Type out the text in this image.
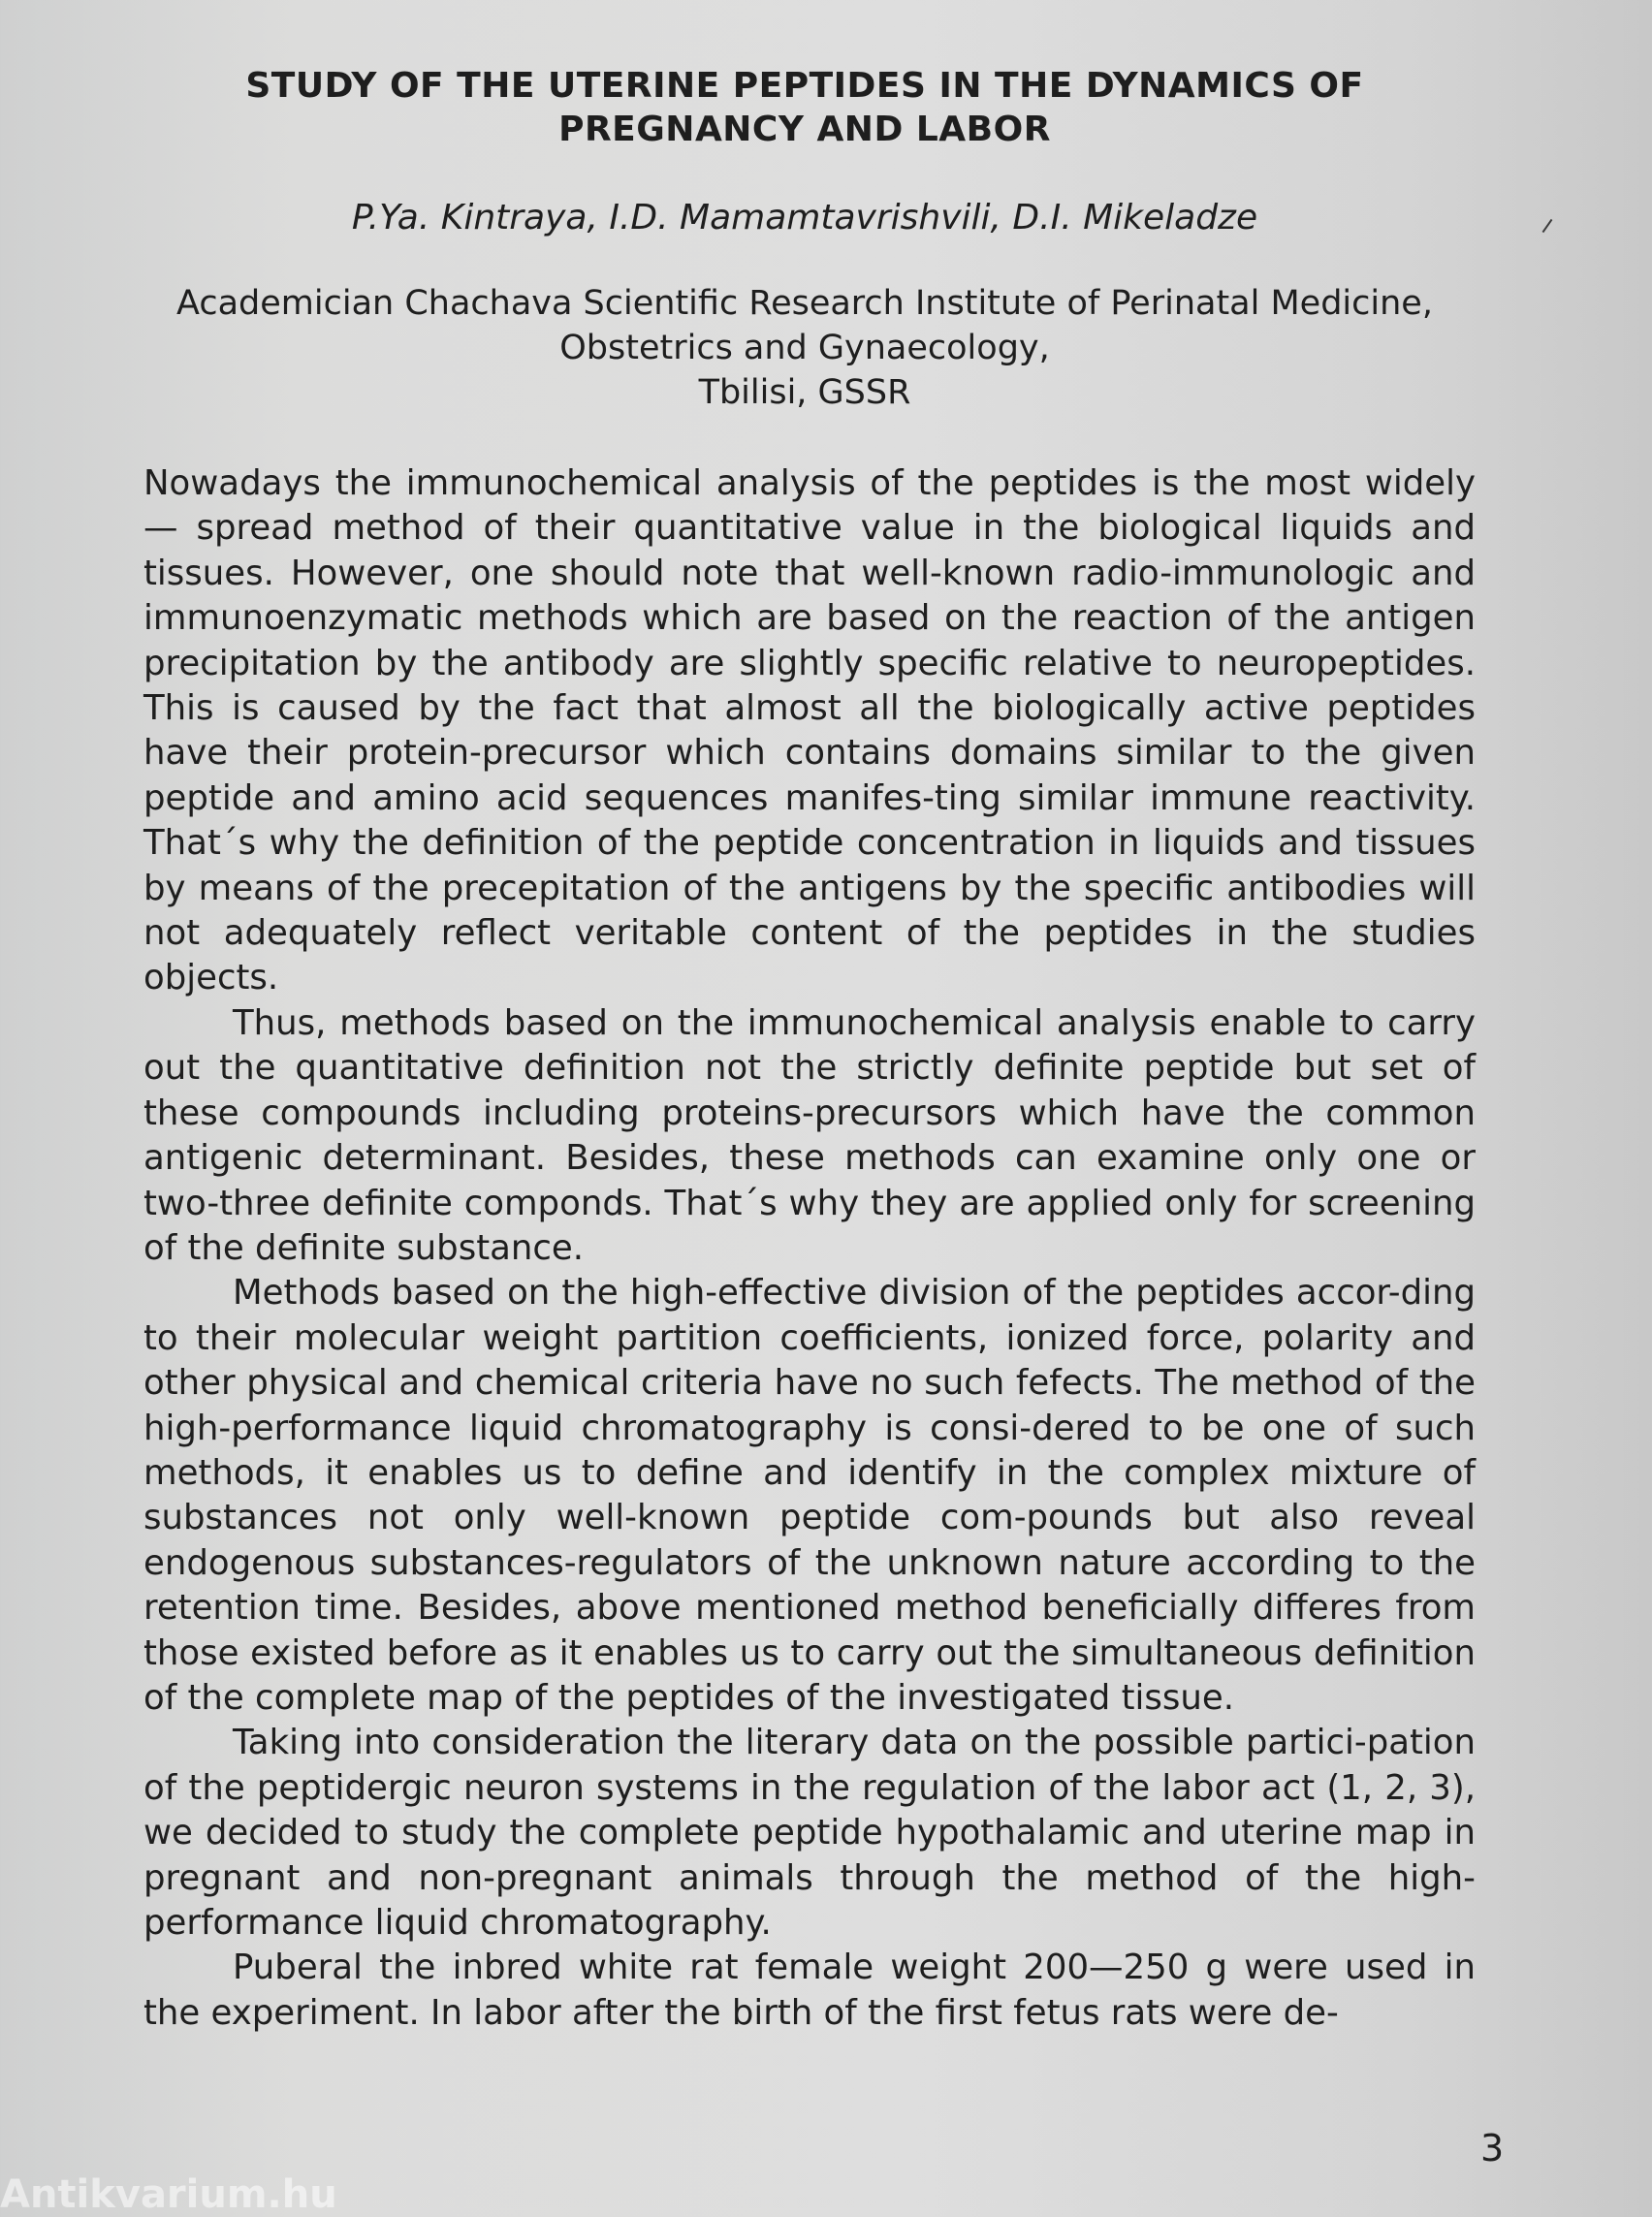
STUDY OF THE UTERINE PEPTIDES IN THE DYNAMICS OF
PREGNANCY AND LABOR

P.Ya. Kintraya, I.D. Mamamtavrishvili, D.I. Mikeladze

Academician Chachava Scientific Research Institute of Perinatal Medicine,
Obstetrics and Gynaecology,
Tbilisi, GSSR

Nowadays the immunochemical analysis of the peptides is the most widely — spread method of their quantitative value in the biological liquids and tissues. However, one should note that well-known radio-immunologic and immunoenzymatic methods which are based on the reaction of the antigen precipitation by the antibody are slightly specific relative to neuropeptides. This is caused by the fact that almost all the biologically active peptides have their protein-precursor which contains domains similar to the given peptide and amino acid sequences manifes-ting similar immune reactivity. That´s why the definition of the peptide concentration in liquids and tissues by means of the precepitation of the antigens by the specific antibodies will not adequately reflect veritable content of the peptides in the studies objects.

Thus, methods based on the immunochemical analysis enable to carry out the quantitative definition not the strictly definite peptide but set of these compounds including proteins-precursors which have the common antigenic determinant. Besides, these methods can examine only one or two-three definite componds. That´s why they are applied only for screening of the definite substance.

Methods based on the high-effective division of the peptides accor-ding to their molecular weight partition coefficients, ionized force, polarity and other physical and chemical criteria have no such fefects. The method of the high-performance liquid chromatography is consi-dered to be one of such methods, it enables us to define and identify in the complex mixture of substances not only well-known peptide com-pounds but also reveal endogenous substances-regulators of the unknown nature according to the retention time. Besides, above mentioned method beneficially differes from those existed before as it enables us to carry out the simultaneous definition of the complete map of the peptides of the investigated tissue.

Taking into consideration the literary data on the possible partici-pation of the peptidergic neuron systems in the regulation of the labor act (1, 2, 3), we decided to study the complete peptide hypothalamic and uterine map in pregnant and non-pregnant animals through the method of the high-performance liquid chromatography.

Puberal the inbred white rat female weight 200—250 g were used in the experiment. In labor after the birth of the first fetus rats were de-

3

Antikvarium.hu
